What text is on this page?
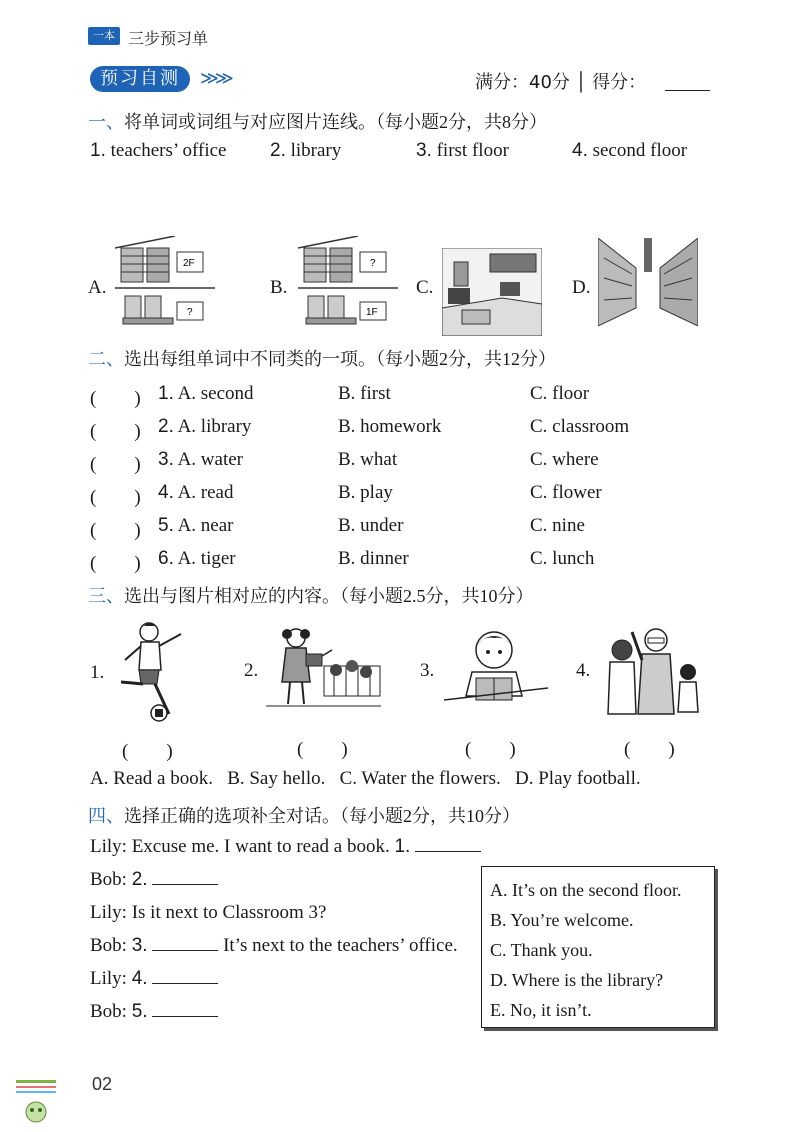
一本 三步预习单
预习自测	≫≫	满分：40分 │ 得分：
一、将单词或词组与对应图片连线。（每小题2分，共8分）
1. teachers’ office 2. library	3. first floor	4. second floor
A.	B.	C.	D.
2F
?
?
1F
二、选出每组单词中不同类的一项。（每小题2分，共12分）
(　　) 1. A. second	B. first	C. floor
(　　) 2. A. library	B. homework	C. classroom
(　　) 3. A. water	B. what	C. where
(　　) 4. A. read	B. play	C. flower
(　　) 5. A. near	B. under	C. nine
(　　) 6. A. tiger	B. dinner	C. lunch
三、选出与图片相对应的内容。（每小题2.5分，共10分）
1.	2.	3.	4.
(　　)	(　　)	(　　)	(　　)
A. Read a book.   B. Say hello.   C. Water the flowers.   D. Play football.
四、选择正确的选项补全对话。（每小题2分，共10分）
Lily: Excuse me. I want to read a book. 1.
Bob: 2.
Lily: Is it next to Classroom 3?
Bob: 3.	It’s next to the teachers’ office.
Lily: 4.
Bob: 5.
A. It’s on the second floor.
B. You’re welcome.
C. Thank you.
D. Where is the library?
E. No, it isn’t.
02
